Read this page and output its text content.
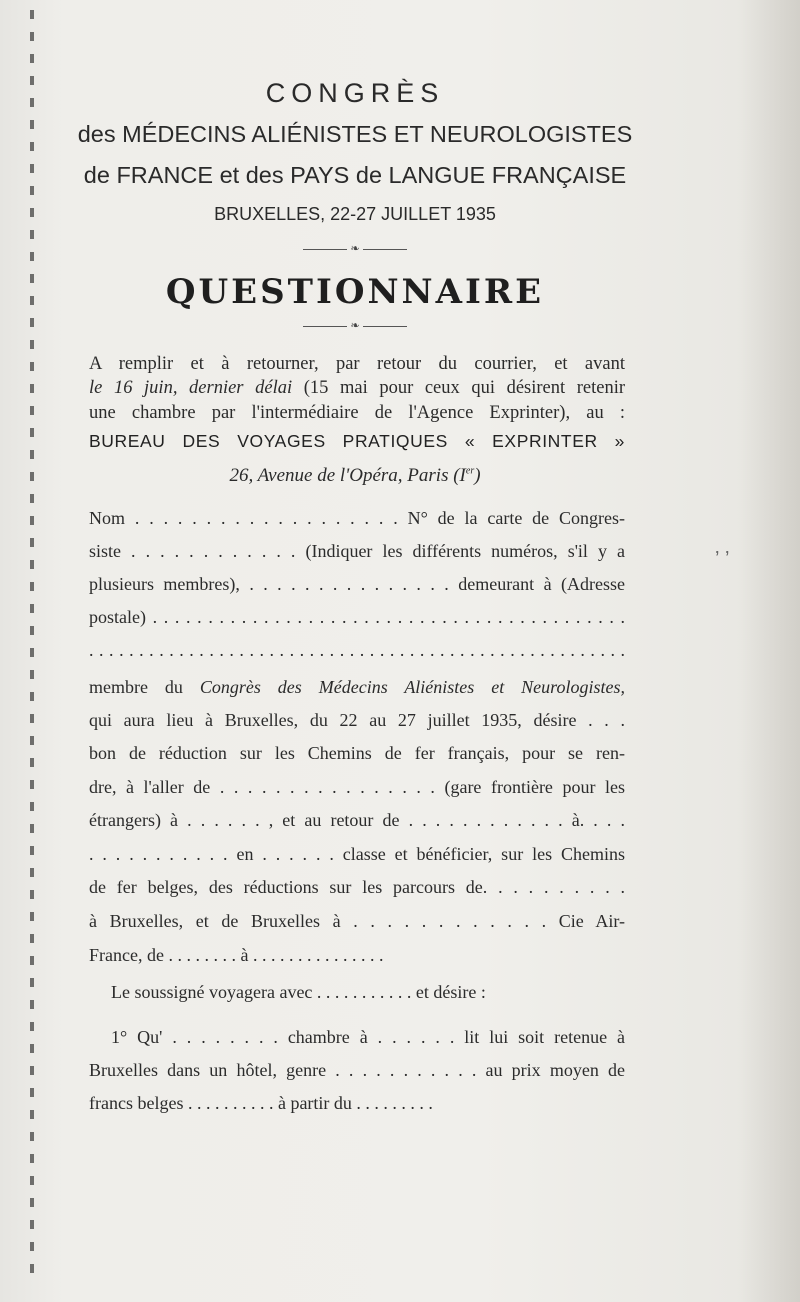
CONGRÈS
des MÉDECINS ALIÉNISTES ET NEUROLOGISTES
de FRANCE et des PAYS de LANGUE FRANÇAISE
BRUXELLES, 22-27 JUILLET 1935
❧
QUESTIONNAIRE
❧
A remplir et à retourner, par retour du courrier, et avant
le 16 juin, dernier délai (15 mai pour ceux qui désirent retenir
une chambre par l'intermédiaire de l'Agence Exprinter), au :
BUREAU DES VOYAGES PRATIQUES « EXPRINTER »
26, Avenue de l'Opéra, Paris (Ier)
Nom . . . . . . . . . . . . . . . . . . . N° de la carte de Congres-
siste . . . . . . . . . . . . (Indiquer les différents numéros, s'il y a
plusieurs membres), . . . . . . . . . . . . . . . demeurant à (Adresse
postale) . . . . . . . . . . . . . . . . . . . . . . . . . . . . . . . . . . . . . . . . . . .
. . . . . . . . . . . . . . . . . . . . . . . . . . . . . . . . . . . . . . . . . . . . . . . . . . . . . .
membre du Congrès des Médecins Aliénistes et Neurologistes,
qui aura lieu à Bruxelles, du 22 au 27 juillet 1935, désire . . .
bon de réduction sur les Chemins de fer français, pour se ren-
dre, à l'aller de . . . . . . . . . . . . . . . . (gare frontière pour les
étrangers) à . . . . . . , et au retour de . . . . . . . . . . . . à. . . .
. . . . . . . . . . . en . . . . . . classe et bénéficier, sur les Chemins
de fer belges, des réductions sur les parcours de. . . . . . . . . .
à Bruxelles, et de Bruxelles à . . . . . . . . . . . . Cie Air-
France, de . . . . . . . . à . . . . . . . . . . . . . . .
Le soussigné voyagera avec . . . . . . . . . . . et désire :
1° Qu' . . . . . . . . chambre à . . . . . . lit lui soit retenue à
Bruxelles dans un hôtel, genre . . . . . . . . . . . au prix moyen de
francs belges . . . . . . . . . . à partir du . . . . . . . . .
‚ ‚
